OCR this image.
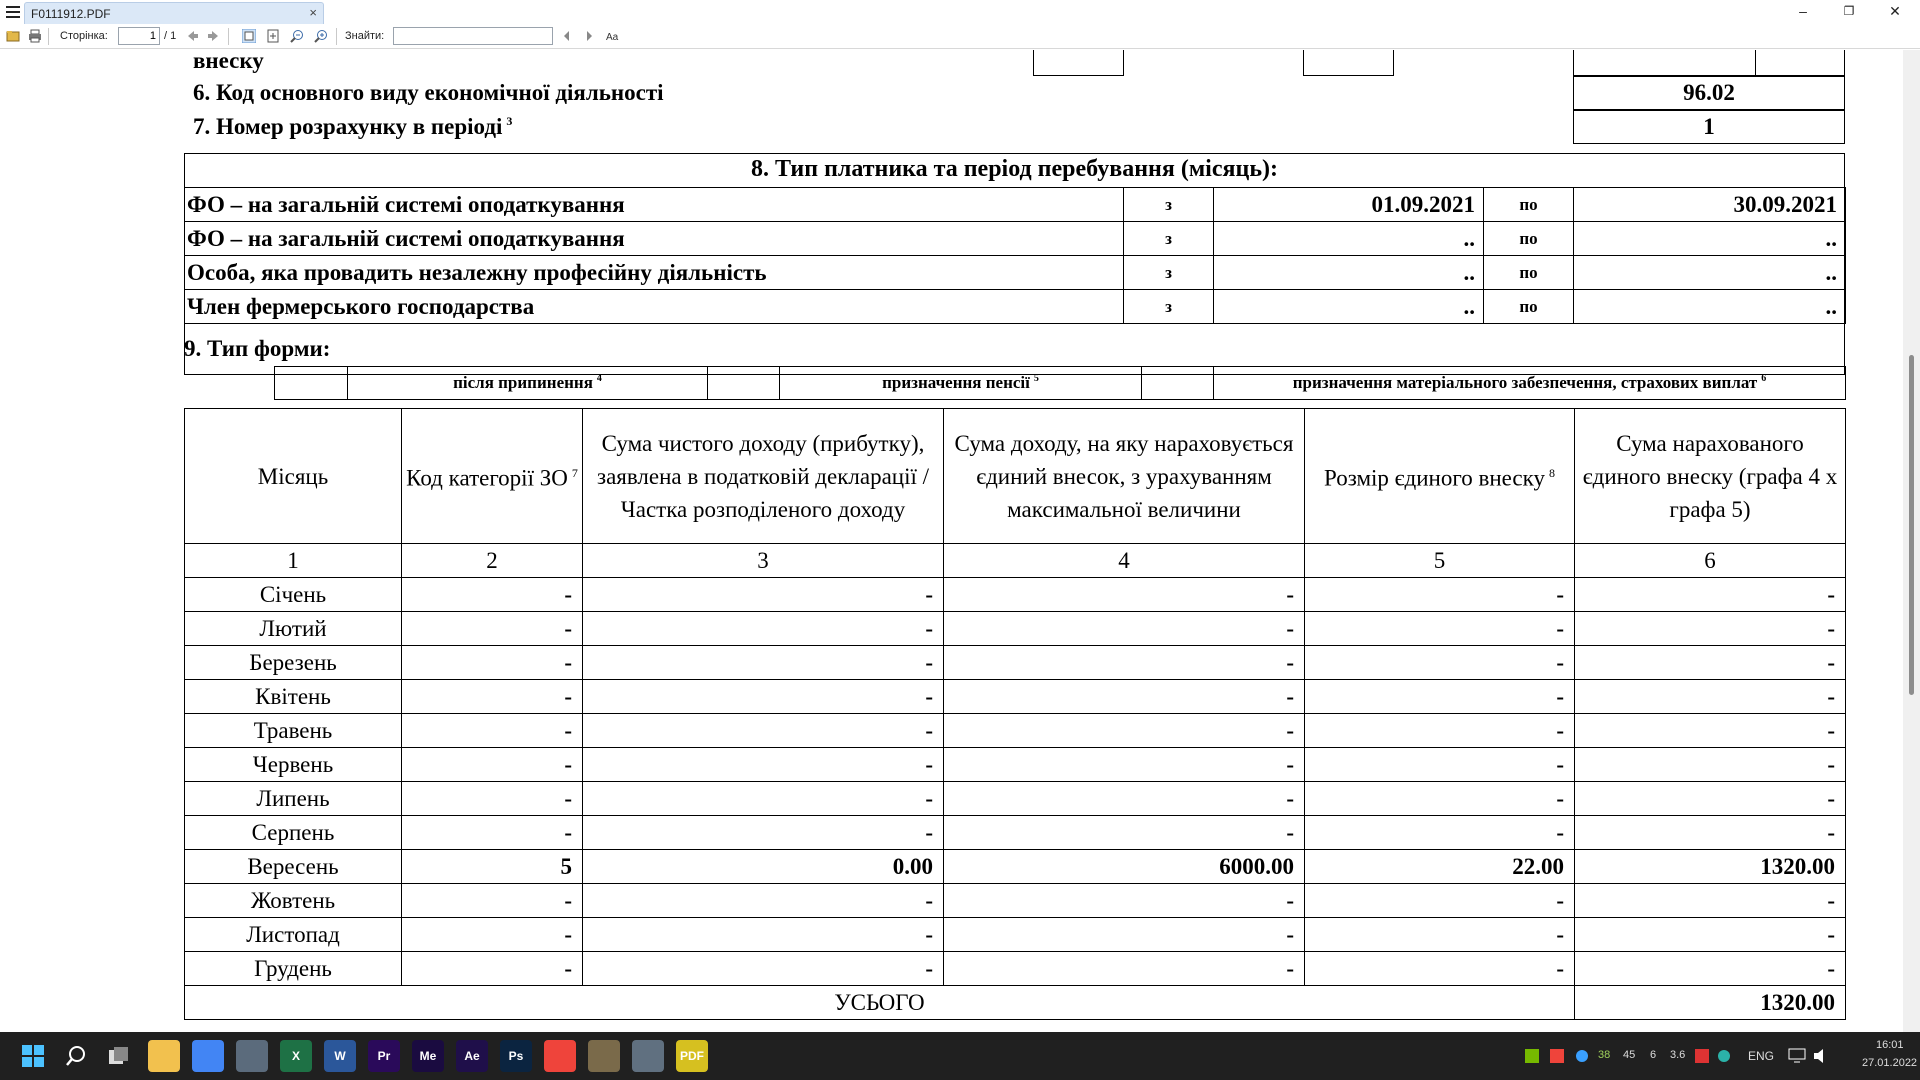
F0111912.PDF	×	–	❐	✕
Сторінка:
1	/ 1	Знайти:	Aa
внеску
6. Код основного виду економічної діяльності	96.02
7. Номер розрахунку в періоді $^3$	1
8. Тип платника та період перебування (місяць):
ФО – на загальній системі оподаткування	з	01.09.2021	по	30.09.2021
ФО – на загальній системі оподаткування	з	..	по	..
Особа, яка провадить незалежну професійну діяльність	з	..	по	..
Член фермерського господарства	з	..	по	..
9. Тип форми:
	після припинення $^4$		призначення пенсії $^5$		призначення матеріального забезпечення, страхових виплат $^6$
Місяць	Код категорії ЗО $^7$	Сума чистого доходу (прибутку), заявлена в податковій декларації / Частка розподіленого доходу	Сума доходу, на яку нараховується єдиний внесок, з урахуванням максимальної величини	Розмір єдиного внеску $^8$	Сума нарахованого єдиного внеску (графа 4 х графа 5)
1	2	3	4	5	6
Січень	-	-	-	-	-
Лютий	-	-	-	-	-
Березень	-	-	-	-	-
Квітень	-	-	-	-	-
Травень	-	-	-	-	-
Червень	-	-	-	-	-
Липень	-	-	-	-	-
Серпень	-	-	-	-	-
Вересень	5	0.00	6000.00	22.00	1320.00
Жовтень	-	-	-	-	-
Листопад	-	-	-	-	-
Грудень	-	-	-	-	-
УСЬОГО					1320.00
X	W	Pr	Me	Ae	Ps	PDF	38 45 6 3.6	ENG
16:01
27.01.2022
